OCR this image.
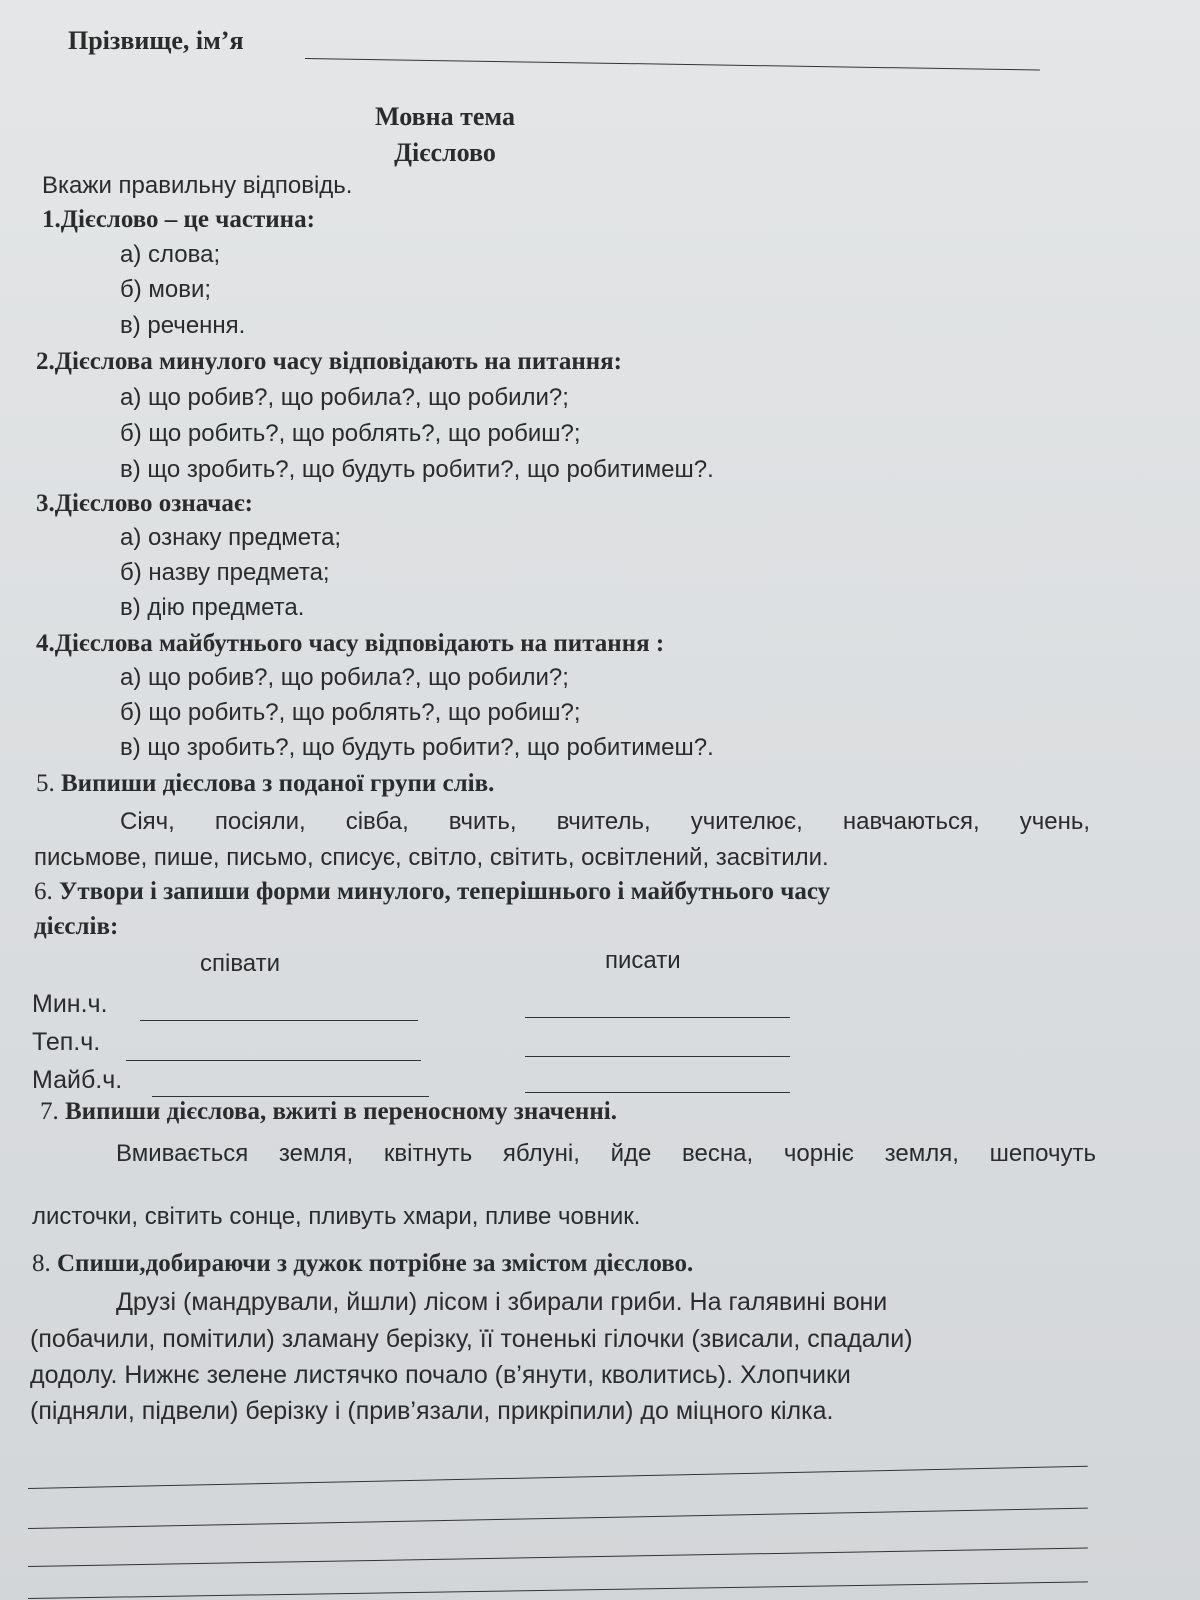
Прізвище, ім’я
Мовна тема
Дієслово
Вкажи правильну відповідь.
1.Дієслово – це частина:
а) слова;
б) мови;
в) речення.
2.Дієслова минулого часу відповідають на питання:
а) що робив?, що робила?, що робили?;
б) що робить?, що роблять?, що робиш?;
в) що зробить?, що будуть робити?, що робитимеш?.
3.Дієслово означає:
а) ознаку предмета;
б) назву предмета;
в) дію предмета.
4.Дієслова майбутнього часу відповідають на питання :
а) що робив?, що робила?, що робили?;
б) що робить?, що роблять?, що робиш?;
в) що зробить?, що будуть робити?, що робитимеш?.
5. Випиши дієслова з поданої групи слів.
Сіяч, посіяли, сівба, вчить, вчитель, учителює, навчаються, учень,
письмове, пише, письмо, списує, світло, світить, освітлений, засвітили.
6. Утвори і запиши форми минулого, теперішнього і майбутнього часу
дієслів:
співати	писати
Мин.ч.
Теп.ч.
Майб.ч.
7. Випиши дієслова, вжиті в переносному значенні.
Вмивається земля, квітнуть яблуні, йде весна, чорніє земля, шепочуть
листочки, світить сонце, пливуть хмари, пливе човник.
8. Спиши,добираючи з дужок потрібне за змістом дієслово.
Друзі (мандрували, йшли) лісом і збирали гриби. На галявині вони
(побачили, помітили) зламану берізку, її тоненькі гілочки (звисали, спадали)
додолу. Нижнє зелене листячко почало (в’янути, кволитись). Хлопчики
(підняли, підвели) берізку і (прив’язали, прикріпили) до міцного кілка.
